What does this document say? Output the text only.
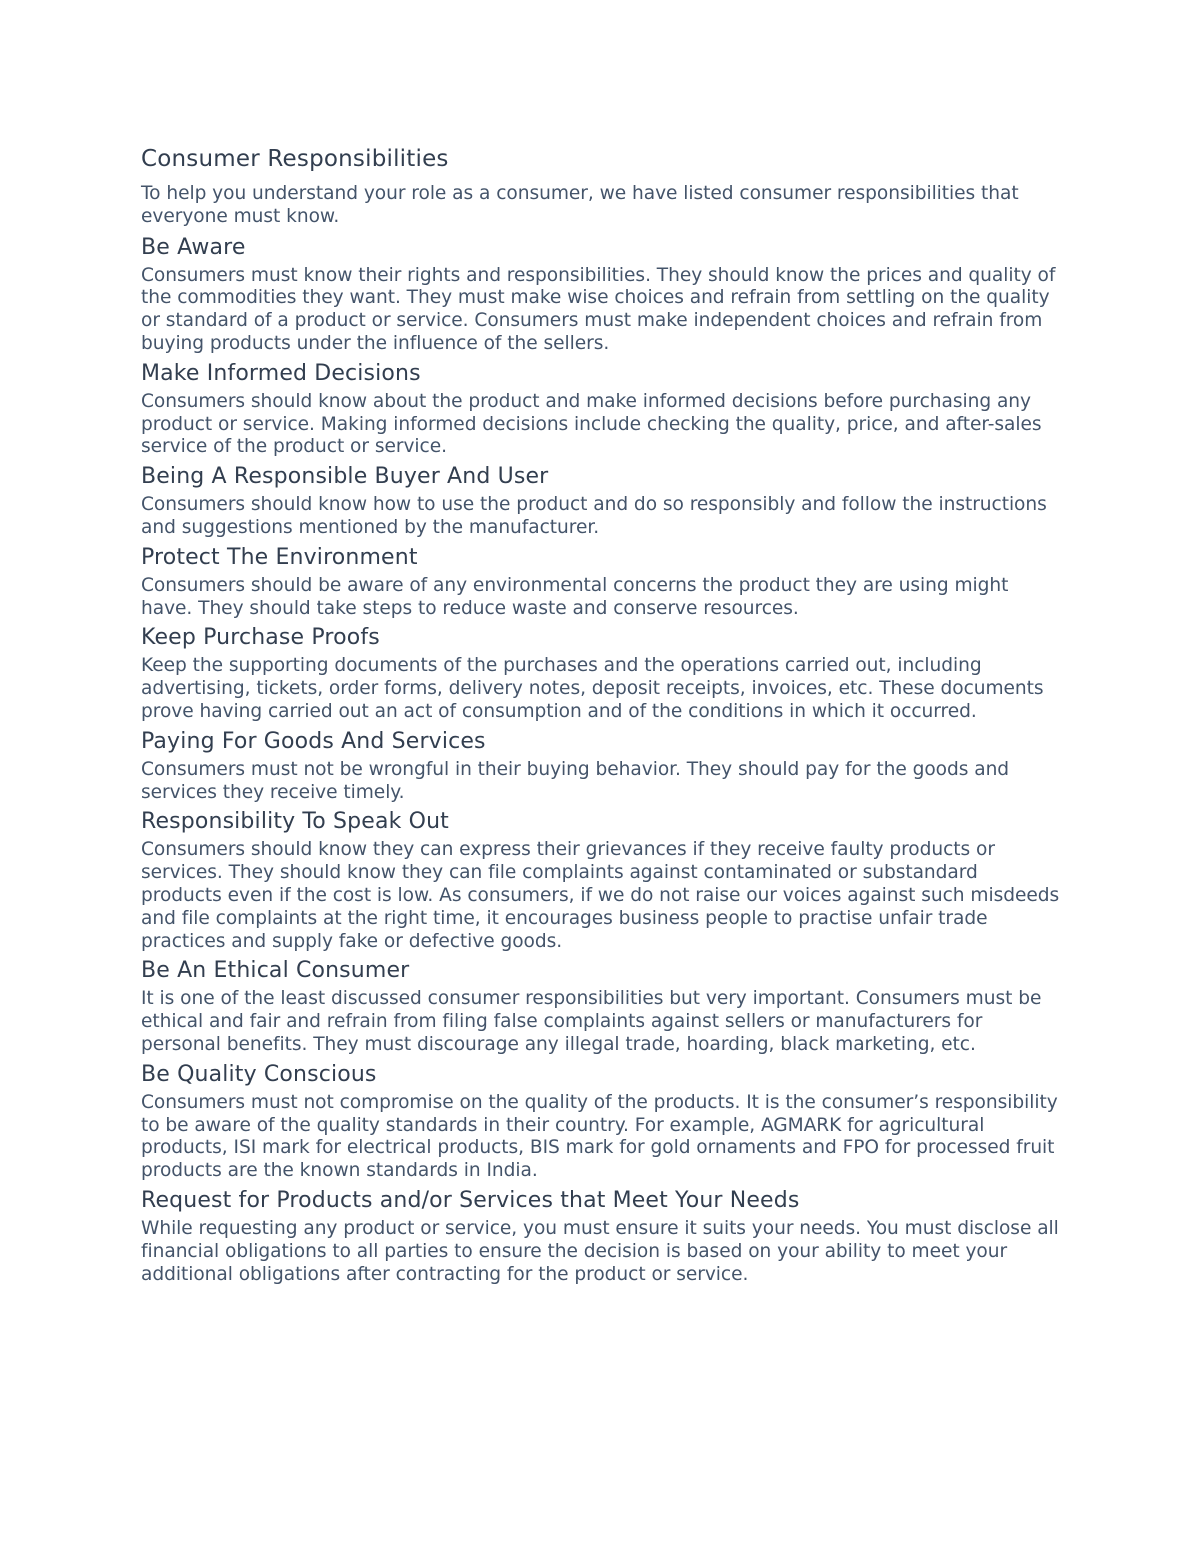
Consumer Responsibilities

To help you understand your role as a consumer, we have listed consumer responsibilities that everyone must know.

Be Aware

Consumers must know their rights and responsibilities. They should know the prices and quality of the commodities they want. They must make wise choices and refrain from settling on the quality or standard of a product or service. Consumers must make independent choices and refrain from buying products under the influence of the sellers.

Make Informed Decisions

Consumers should know about the product and make informed decisions before purchasing any product or service. Making informed decisions include checking the quality, price, and after-sales service of the product or service.

Being A Responsible Buyer And User

Consumers should know how to use the product and do so responsibly and follow the instructions and suggestions mentioned by the manufacturer.

Protect The Environment

Consumers should be aware of any environmental concerns the product they are using might have. They should take steps to reduce waste and conserve resources.

Keep Purchase Proofs

Keep the supporting documents of the purchases and the operations carried out, including advertising, tickets, order forms, delivery notes, deposit receipts, invoices, etc. These documents prove having carried out an act of consumption and of the conditions in which it occurred.

Paying For Goods And Services

Consumers must not be wrongful in their buying behavior. They should pay for the goods and services they receive timely.

Responsibility To Speak Out

Consumers should know they can express their grievances if they receive faulty products or services. They should know they can file complaints against contaminated or substandard products even if the cost is low. As consumers, if we do not raise our voices against such misdeeds and file complaints at the right time, it encourages business people to practise unfair trade practices and supply fake or defective goods.

Be An Ethical Consumer

It is one of the least discussed consumer responsibilities but very important. Consumers must be ethical and fair and refrain from filing false complaints against sellers or manufacturers for personal benefits. They must discourage any illegal trade, hoarding, black marketing, etc.

Be Quality Conscious

Consumers must not compromise on the quality of the products. It is the consumer’s responsibility to be aware of the quality standards in their country. For example, AGMARK for agricultural products, ISI mark for electrical products, BIS mark for gold ornaments and FPO for processed fruit products are the known standards in India.

Request for Products and/or Services that Meet Your Needs

While requesting any product or service, you must ensure it suits your needs. You must disclose all financial obligations to all parties to ensure the decision is based on your ability to meet your additional obligations after contracting for the product or service.
